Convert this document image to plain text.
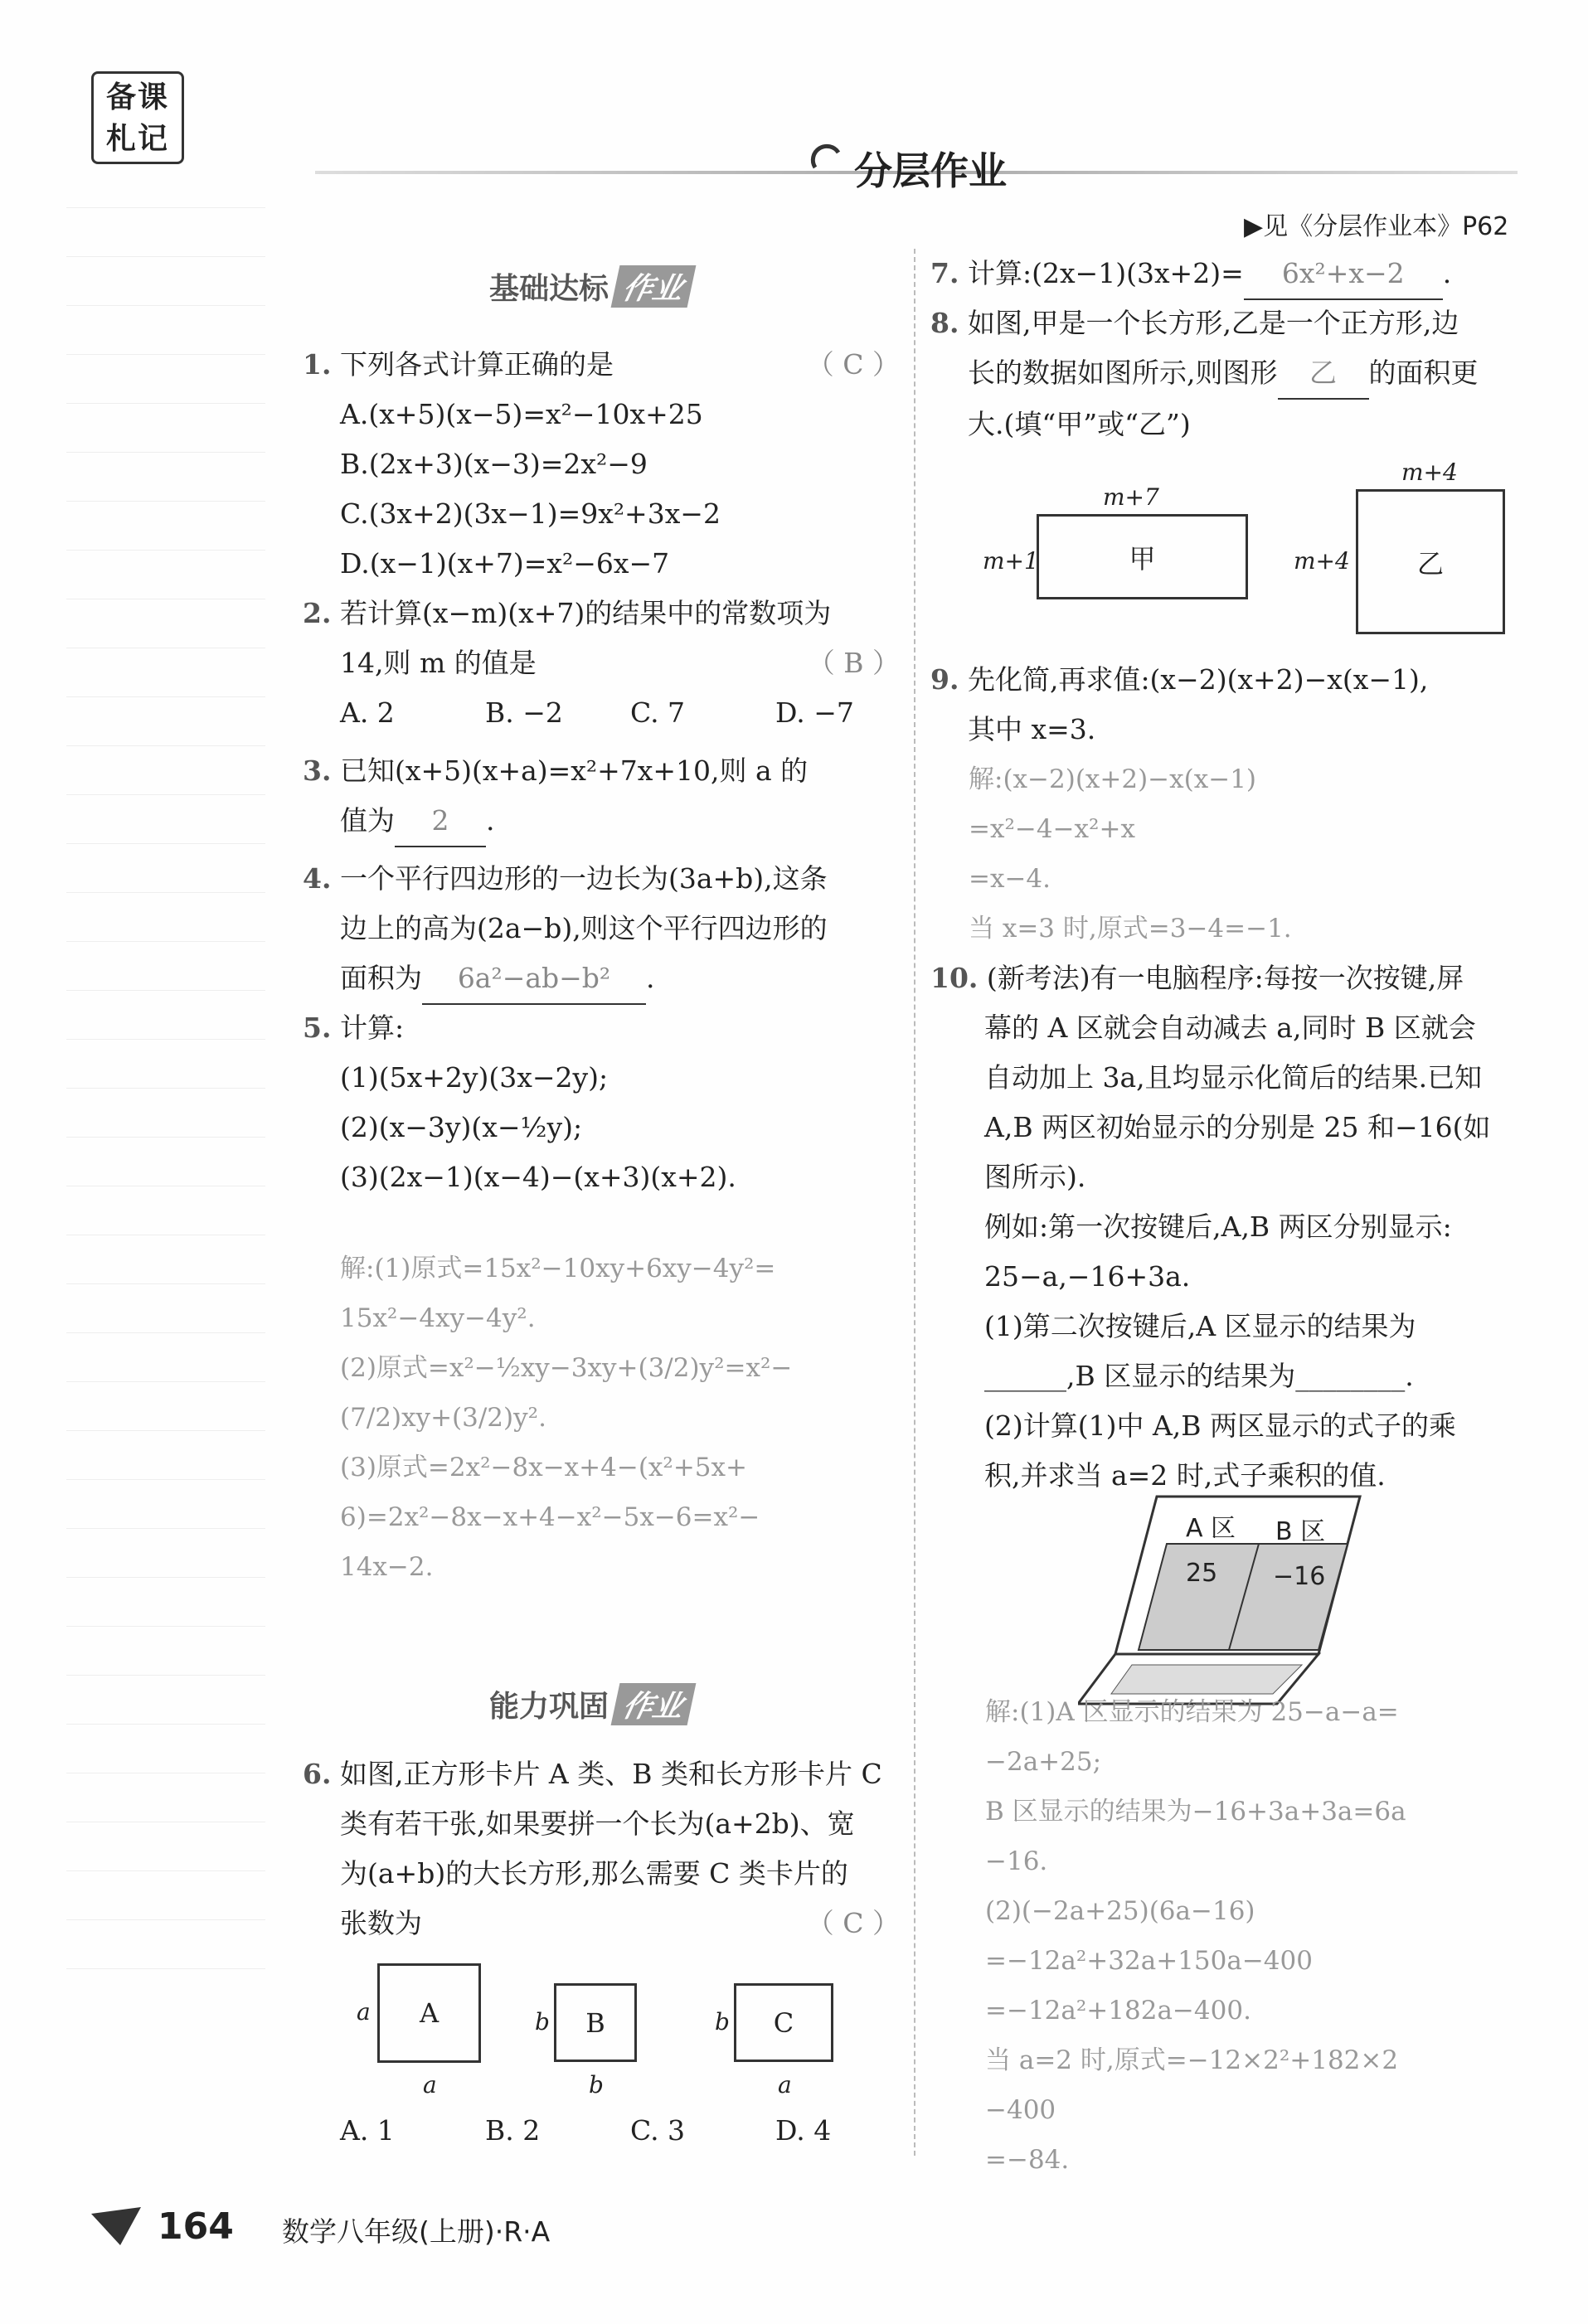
备课
札记
分层作业
▶见《分层作业本》P62
基础达标 作业
1. 下列各式计算正确的是	（ C ）
A.(x+5)(x−5)=x²−10x+25
B.(2x+3)(x−3)=2x²−9
C.(3x+2)(3x−1)=9x²+3x−2
D.(x−1)(x+7)=x²−6x−7
2. 若计算(x−m)(x+7)的结果中的常数项为
14,则 m 的值是	（ B ）
A. 2	B. −2 C. 7	D. −7
3. 已知(x+5)(x+a)=x²+7x+10,则 a 的
值为 2 .
4. 一个平行四边形的一边长为(3a+b),这条
边上的高为(2a−b),则这个平行四边形的
面积为 6a²−ab−b² .
5. 计算:
(1)(5x+2y)(3x−2y);
(2)(x−3y)(x−½y);
(3)(2x−1)(x−4)−(x+3)(x+2).
解:(1)原式=15x²−10xy+6xy−4y²=
15x²−4xy−4y².
(2)原式=x²−½xy−3xy+(3/2)y²=x²−
(7/2)xy+(3/2)y².
(3)原式=2x²−8x−x+4−(x²+5x+
6)=2x²−8x−x+4−x²−5x−6=x²−
14x−2.
能力巩固 作业
6. 如图,正方形卡片 A 类、B 类和长方形卡片 C
类有若干张,如果要拼一个长为(a+2b)、宽
为(a+b)的大长方形,那么需要 C 类卡片的
张数为	（ C ）
A
a
a
B
b
b
C
b
a
A. 1	B. 2	C. 3	D. 4
7. 计算:(2x−1)(3x+2)= 6x²+x−2 .
8. 如图,甲是一个长方形,乙是一个正方形,边
长的数据如图所示,则图形 乙 的面积更
大.(填“甲”或“乙”)
m+7
m+1	甲
m+4
m+4	乙
9. 先化简,再求值:(x−2)(x+2)−x(x−1),
其中 x=3.
解:(x−2)(x+2)−x(x−1)
=x²−4−x²+x
=x−4.
当 x=3 时,原式=3−4=−1.
10. (新考法)有一电脑程序:每按一次按键,屏
幕的 A 区就会自动减去 a,同时 B 区就会
自动加上 3a,且均显示化简后的结果.已知
A,B 两区初始显示的分别是 25 和−16(如
图所示).
例如:第一次按键后,A,B 两区分别显示:
25−a,−16+3a.
(1)第二次按键后,A 区显示的结果为
______,B 区显示的结果为________.
(2)计算(1)中 A,B 两区显示的式子的乘
积,并求当 a=2 时,式子乘积的值.
A 区 B 区
25 −16
解:(1)A 区显示的结果为 25−a−a=
−2a+25;
B 区显示的结果为−16+3a+3a=6a
−16.
(2)(−2a+25)(6a−16)
=−12a²+32a+150a−400
=−12a²+182a−400.
当 a=2 时,原式=−12×2²+182×2
−400
=−84.
164 数学八年级(上册)·R·A
